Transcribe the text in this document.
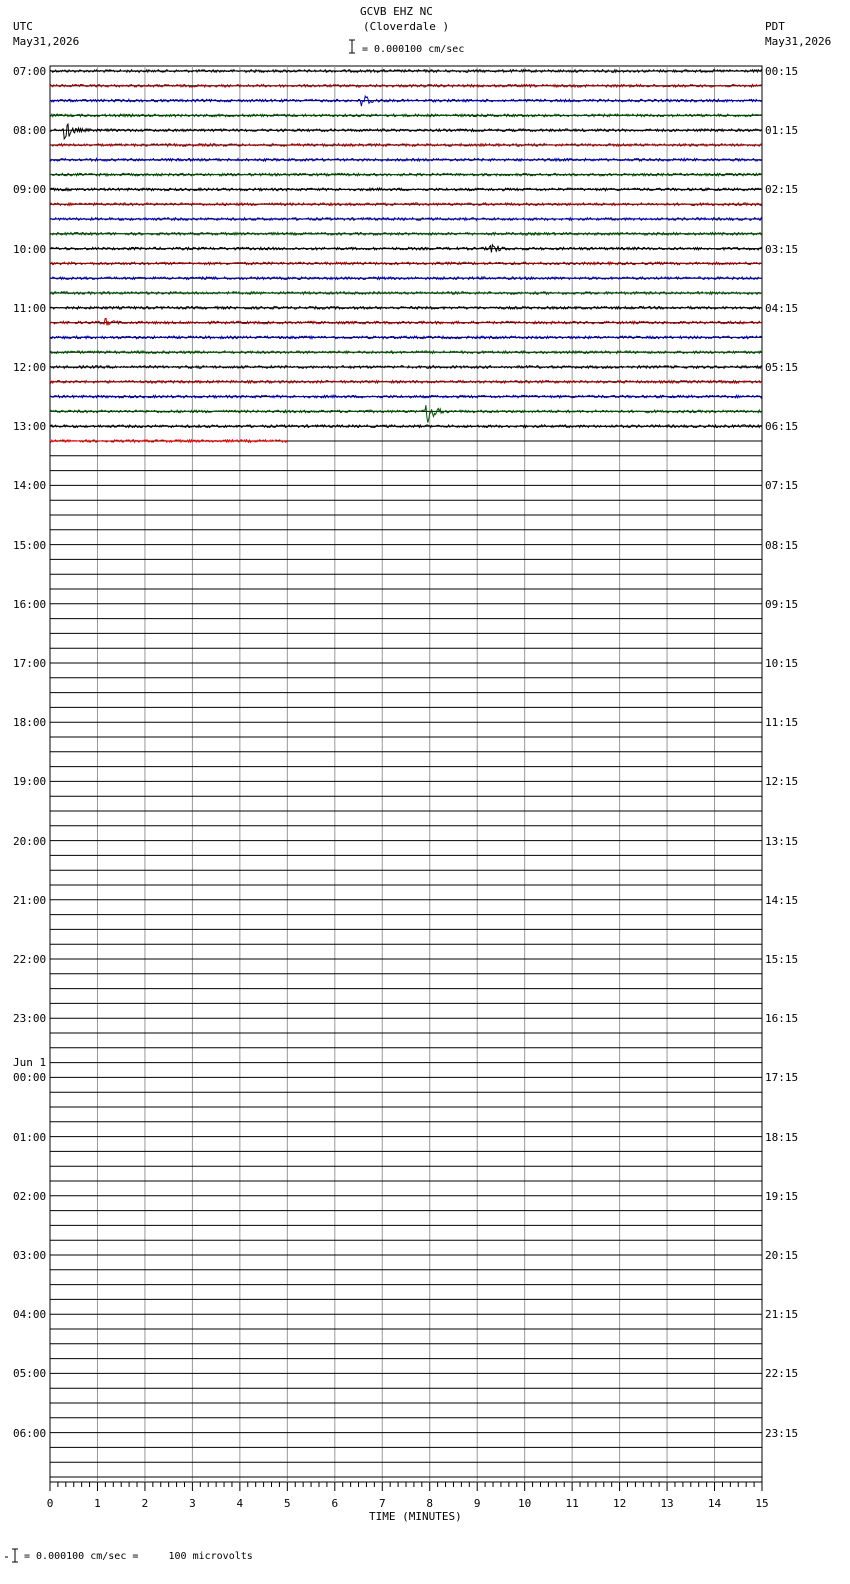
0	1	2	3	4	5	6	7	8	9	10	11	12	13	14	15
GCVB EHZ NC
(Cloverdale )
= 0.000100 cm/sec
UTC
May31,2026
PDT
May31,2026
TIME (MINUTES)
= 0.000100 cm/sec =     100 microvolts
07:00
08:00
09:00
10:00
11:00
12:00
13:00
14:00
15:00
16:00
17:00
18:00
19:00
20:00
21:00
22:00
23:00
00:00
01:00
02:00
03:00
04:00
05:00
06:00
Jun 1
00:15
01:15
02:15
03:15
04:15
05:15
06:15
07:15
08:15
09:15
10:15
11:15
12:15
13:15
14:15
15:15
16:15
17:15
18:15
19:15
20:15
21:15
22:15
23:15
